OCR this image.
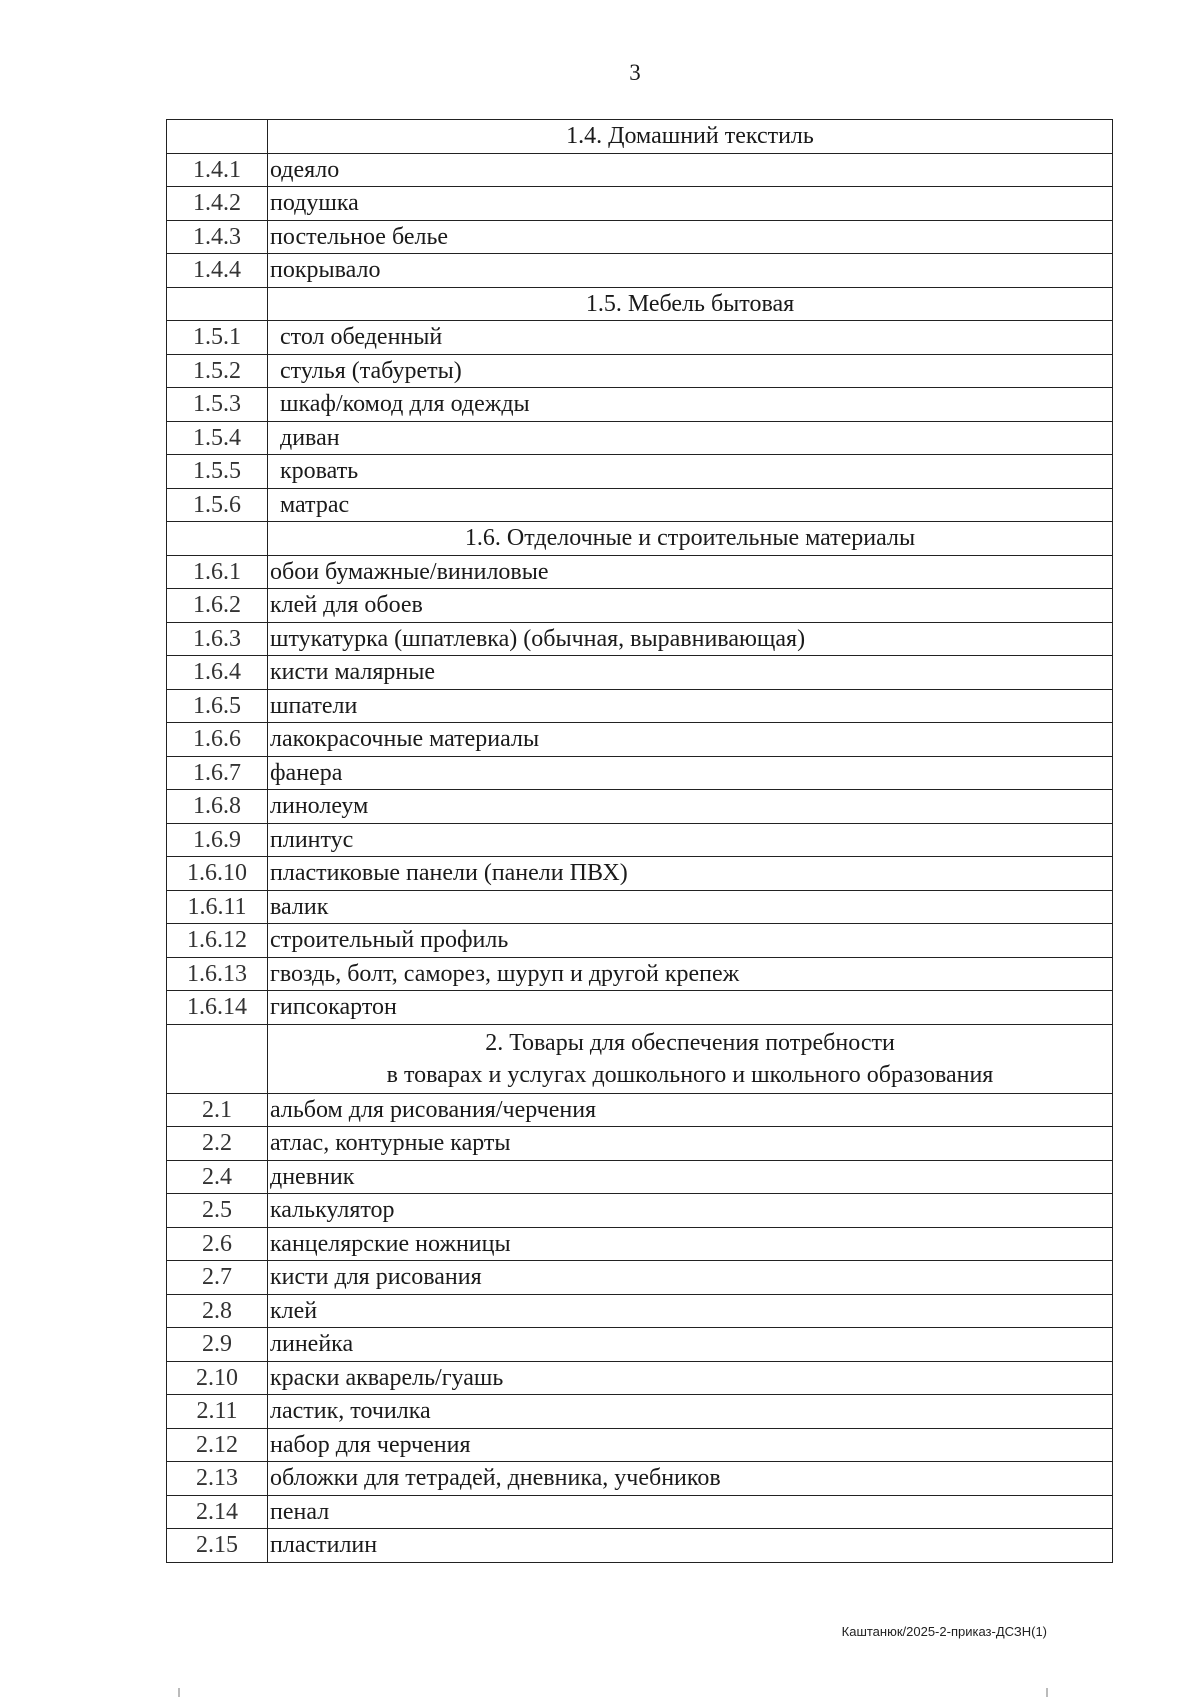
3
	1.4. Домашний текстиль
1.4.1	одеяло
1.4.2	подушка
1.4.3	постельное белье
1.4.4	покрывало
	1.5. Мебель бытовая
1.5.1	стол обеденный
1.5.2	стулья (табуреты)
1.5.3	шкаф/комод для одежды
1.5.4	диван
1.5.5	кровать
1.5.6	матрас
	1.6. Отделочные и строительные материалы
1.6.1	обои бумажные/виниловые
1.6.2	клей для обоев
1.6.3	штукатурка (шпатлевка) (обычная, выравнивающая)
1.6.4	кисти малярные
1.6.5	шпатели
1.6.6	лакокрасочные материалы
1.6.7	фанера
1.6.8	линолеум
1.6.9	плинтус
1.6.10	пластиковые панели (панели ПВХ)
1.6.11	валик
1.6.12	строительный профиль
1.6.13	гвоздь, болт, саморез, шуруп и другой крепеж
1.6.14	гипсокартон

	2. Товары для обеспечения потребности
в товарах и услугах дошкольного и школьного образования

2.1	альбом для рисования/черчения
2.2	атлас, контурные карты
2.4	дневник
2.5	калькулятор
2.6	канцелярские ножницы
2.7	кисти для рисования
2.8	клей
2.9	линейка
2.10	краски акварель/гуашь
2.11	ластик, точилка
2.12	набор для черчения
2.13	обложки для тетрадей, дневника, учебников
2.14	пенал
2.15	пластилин
Каштанюк/2025-2-приказ-ДСЗН(1)
